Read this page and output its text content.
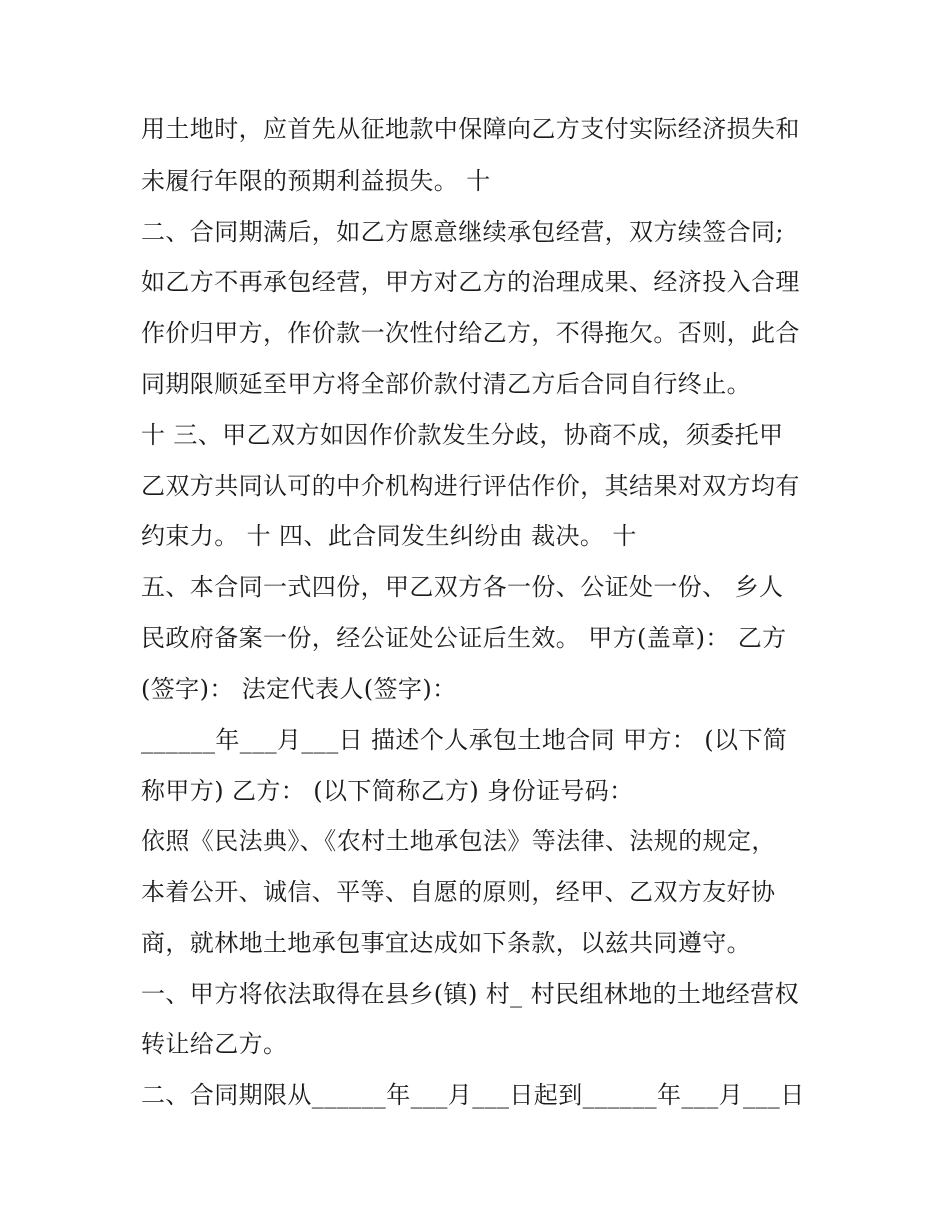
用土地时，应首先从征地款中保障向乙方支付实际经济损失和
未履行年限的预期利益损失。 十
二、合同期满后，如乙方愿意继续承包经营，双方续签合同;
如乙方不再承包经营，甲方对乙方的治理成果、经济投入合理
作价归甲方，作价款一次性付给乙方，不得拖欠。否则，此合
同期限顺延至甲方将全部价款付清乙方后合同自行终止。
十 三、甲乙双方如因作价款发生分歧，协商不成，须委托甲
乙双方共同认可的中介机构进行评估作价，其结果对双方均有
约束力。 十 四、此合同发生纠纷由 裁决。 十
五、本合同一式四份，甲乙双方各一份、公证处一份、 乡人
民政府备案一份，经公证处公证后生效。 甲方(盖章)： 乙方
(签字)： 法定代表人(签字)：
______年___月___日 描述个人承包土地合同 甲方： (以下简
称甲方) 乙方： (以下简称乙方) 身份证号码：
依照《民法典》、《农村土地承包法》等法律、法规的规定，
本着公开、诚信、平等、自愿的原则，经甲、乙双方友好协
商，就林地土地承包事宜达成如下条款，以兹共同遵守。
一、甲方将依法取得在县乡(镇) 村_ 村民组林地的土地经营权
转让给乙方。
二、合同期限从______年___月___日起到______年___月___日
